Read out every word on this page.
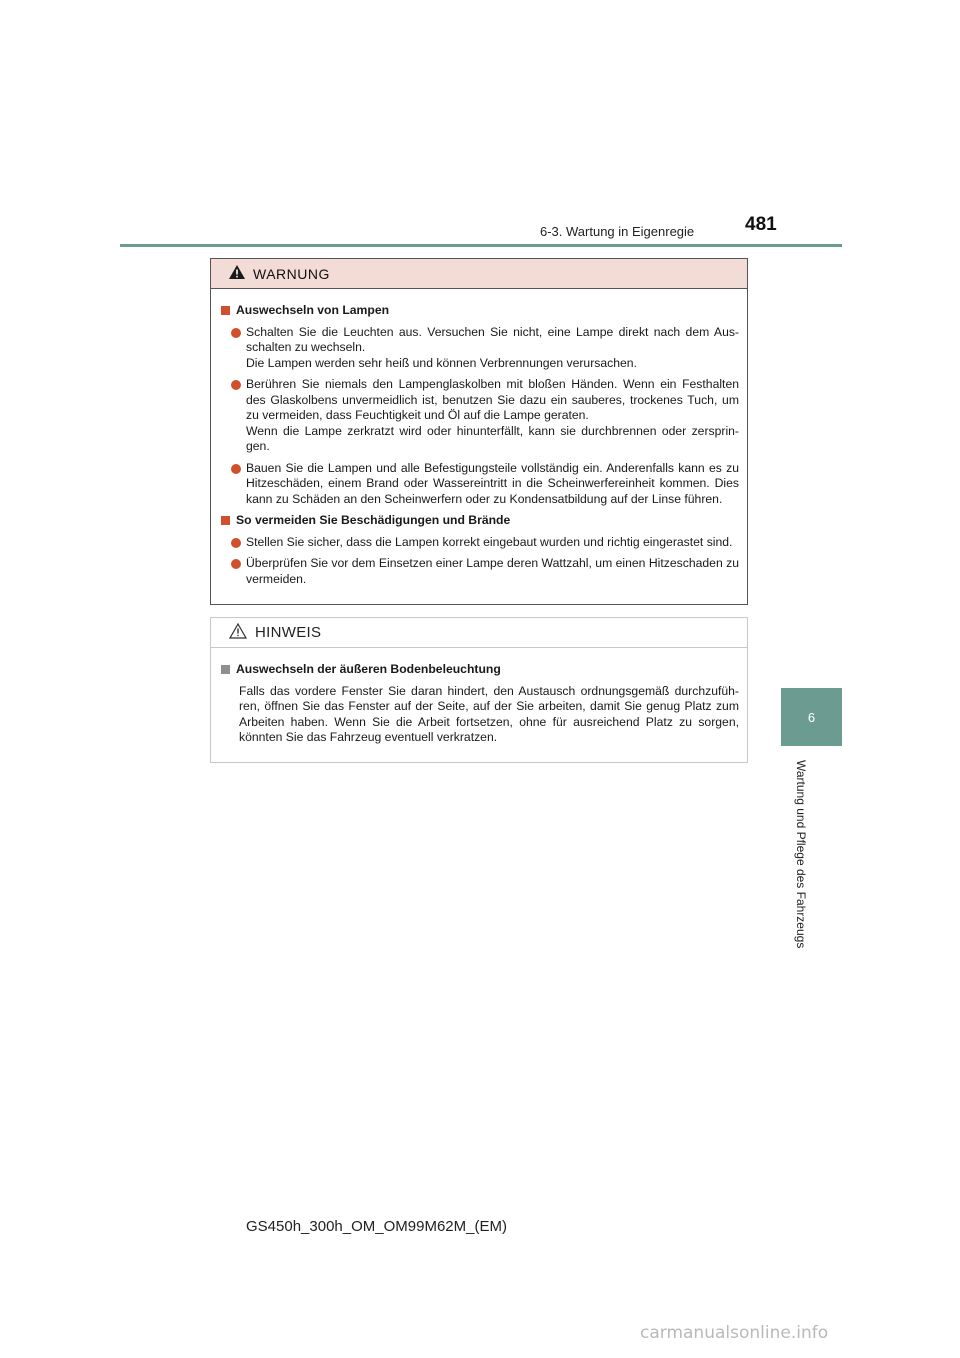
6-3. Wartung in Eigenregie	481
6
Wartung und Pflege des Fahrzeugs
WARNUNG
Auswechseln von Lampen

Schalten Sie die Leuchten aus. Versuchen Sie nicht, eine Lampe direkt nach dem Aus-schalten zu wechseln.

Die Lampen werden sehr heiß und können Verbrennungen verursachen.

Berühren Sie niemals den Lampenglaskolben mit bloßen Händen. Wenn ein Festhalten des Glaskolbens unvermeidlich ist, benutzen Sie dazu ein sauberes, trockenes Tuch, um zu vermeiden, dass Feuchtigkeit und Öl auf die Lampe geraten.

Wenn die Lampe zerkratzt wird oder hinunterfällt, kann sie durchbrennen oder zersprin-gen.

Bauen Sie die Lampen und alle Befestigungsteile vollständig ein. Anderenfalls kann es zu Hitzeschäden, einem Brand oder Wassereintritt in die Scheinwerfereinheit kommen. Dies kann zu Schäden an den Scheinwerfern oder zu Kondensatbildung auf der Linse führen.

So vermeiden Sie Beschädigungen und Brände

Stellen Sie sicher, dass die Lampen korrekt eingebaut wurden und richtig eingerastet sind.

Überprüfen Sie vor dem Einsetzen einer Lampe deren Wattzahl, um einen Hitzeschaden zu vermeiden.

HINWEIS
Auswechseln der äußeren Bodenbeleuchtung

Falls das vordere Fenster Sie daran hindert, den Austausch ordnungsgemäß durchzufüh-ren, öffnen Sie das Fenster auf der Seite, auf der Sie arbeiten, damit Sie genug Platz zum Arbeiten haben. Wenn Sie die Arbeit fortsetzen, ohne für ausreichend Platz zu sorgen, könnten Sie das Fahrzeug eventuell verkratzen.

GS450h_300h_OM_OM99M62M_(EM)
carmanualsonline.info
